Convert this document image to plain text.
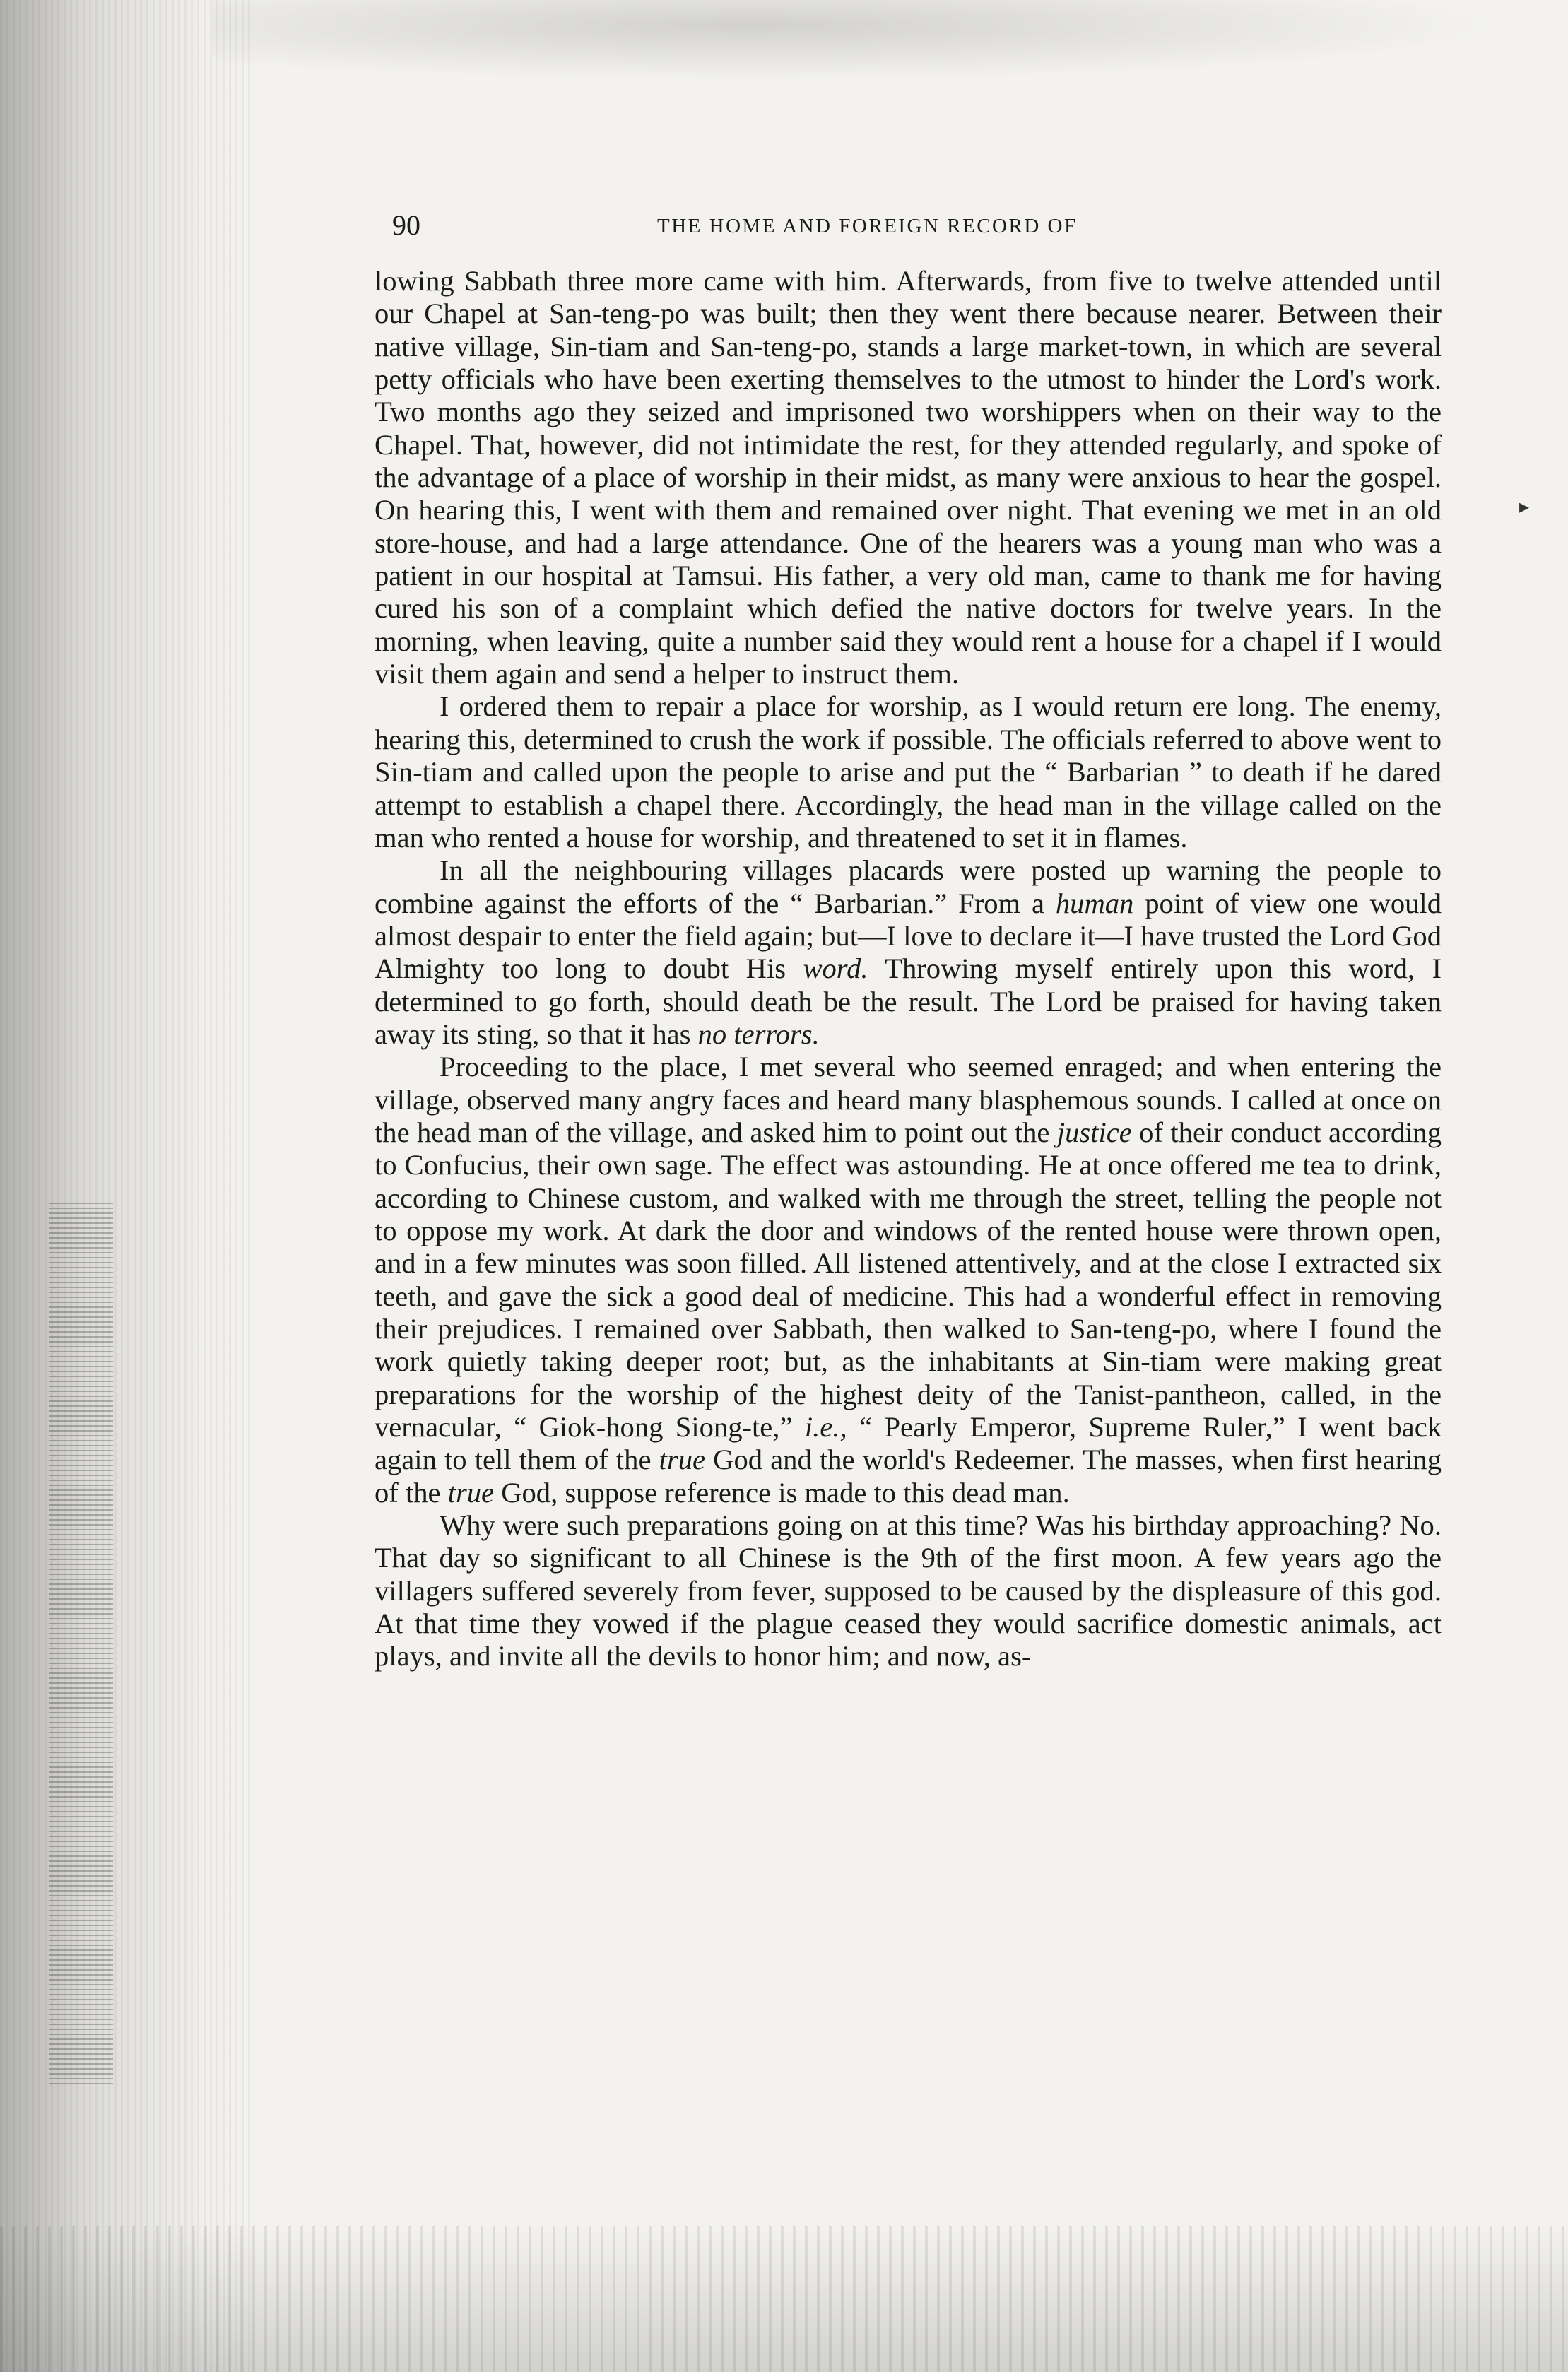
▸
90	THE HOME AND FOREIGN RECORD OF

lowing Sabbath three more came with him. Afterwards, from five to twelve attended until our Chapel at San-teng-po was built; then they went there because nearer. Between their native village, Sin-tiam and San-teng-po, stands a large market-town, in which are several petty officials who have been exerting themselves to the utmost to hinder the Lord's work. Two months ago they seized and imprisoned two worshippers when on their way to the Chapel. That, however, did not intimidate the rest, for they attended regularly, and spoke of the advantage of a place of worship in their midst, as many were anxious to hear the gospel. On hearing this, I went with them and remained over night. That evening we met in an old store-house, and had a large attendance. One of the hearers was a young man who was a patient in our hospital at Tamsui. His father, a very old man, came to thank me for having cured his son of a complaint which defied the native doctors for twelve years. In the morning, when leaving, quite a number said they would rent a house for a chapel if I would visit them again and send a helper to instruct them.

I ordered them to repair a place for worship, as I would return ere long. The enemy, hearing this, determined to crush the work if possible. The officials referred to above went to Sin-tiam and called upon the people to arise and put the “ Barbarian ” to death if he dared attempt to establish a chapel there. Accordingly, the head man in the village called on the man who rented a house for worship, and threatened to set it in flames.

In all the neighbouring villages placards were posted up warning the people to combine against the efforts of the “ Barbarian.” From a human point of view one would almost despair to enter the field again; but—I love to declare it—I have trusted the Lord God Almighty too long to doubt His word. Throwing myself entirely upon this word, I determined to go forth, should death be the result. The Lord be praised for having taken away its sting, so that it has no terrors.

Proceeding to the place, I met several who seemed enraged; and when entering the village, observed many angry faces and heard many blasphemous sounds. I called at once on the head man of the village, and asked him to point out the justice of their conduct according to Confucius, their own sage. The effect was astounding. He at once offered me tea to drink, according to Chinese custom, and walked with me through the street, telling the people not to oppose my work. At dark the door and windows of the rented house were thrown open, and in a few minutes was soon filled. All listened attentively, and at the close I extracted six teeth, and gave the sick a good deal of medicine. This had a wonderful effect in removing their prejudices. I remained over Sabbath, then walked to San-teng-po, where I found the work quietly taking deeper root; but, as the inhabitants at Sin-tiam were making great preparations for the worship of the highest deity of the Tanist-pantheon, called, in the vernacular, “ Giok-hong Siong-te,” i.e., “ Pearly Emperor, Supreme Ruler,” I went back again to tell them of the true God and the world's Redeemer. The masses, when first hearing of the true God, suppose reference is made to this dead man.

Why were such preparations going on at this time? Was his birthday approaching? No. That day so significant to all Chinese is the 9th of the first moon. A few years ago the villagers suffered severely from fever, supposed to be caused by the displeasure of this god. At that time they vowed if the plague ceased they would sacrifice domestic animals, act plays, and invite all the devils to honor him; and now, as-
